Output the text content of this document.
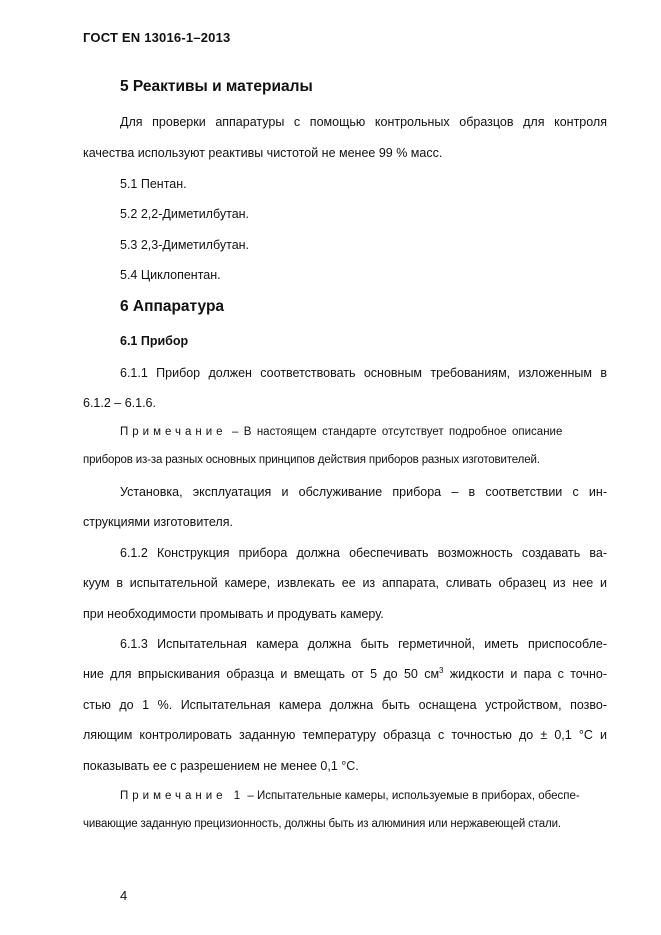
ГОСТ EN 13016-1–2013
5 Реактивы и материалы
Для проверки аппаратуры с помощью контрольных образцов для контроля
качества используют реактивы чистотой не менее 99 % масс.
5.1 Пентан.
5.2 2,2-Диметилбутан.
5.3 2,3-Диметилбутан.
5.4 Циклопентан.
6 Аппаратура
6.1 Прибор
6.1.1 Прибор должен соответствовать основным требованиям, изложенным в
6.1.2 – 6.1.6.
Примечание – В настоящем стандарте отсутствует подробное описание
приборов из-за разных основных принципов действия приборов разных изготовителей.
Установка, эксплуатация и обслуживание прибора – в соответствии с ин-
струкциями изготовителя.
6.1.2 Конструкция прибора должна обеспечивать возможность создавать ва-
куум в испытательной камере, извлекать ее из аппарата, сливать образец из нее и
при необходимости промывать и продувать камеру.
6.1.3 Испытательная камера должна быть герметичной, иметь приспособле-
ние для впрыскивания образца и вмещать от 5 до 50 $см^3$ жидкости и пара с точно-
стью до 1 %. Испытательная камера должна быть оснащена устройством, позво-
ляющим контролировать заданную температуру образца с точностью до ± 0,1 °С и
показывать ее с разрешением не менее 0,1 °С.
Примечание 1 – Испытательные камеры, используемые в приборах, обеспе-
чивающие заданную прецизионность, должны быть из алюминия или нержавеющей стали.
4
